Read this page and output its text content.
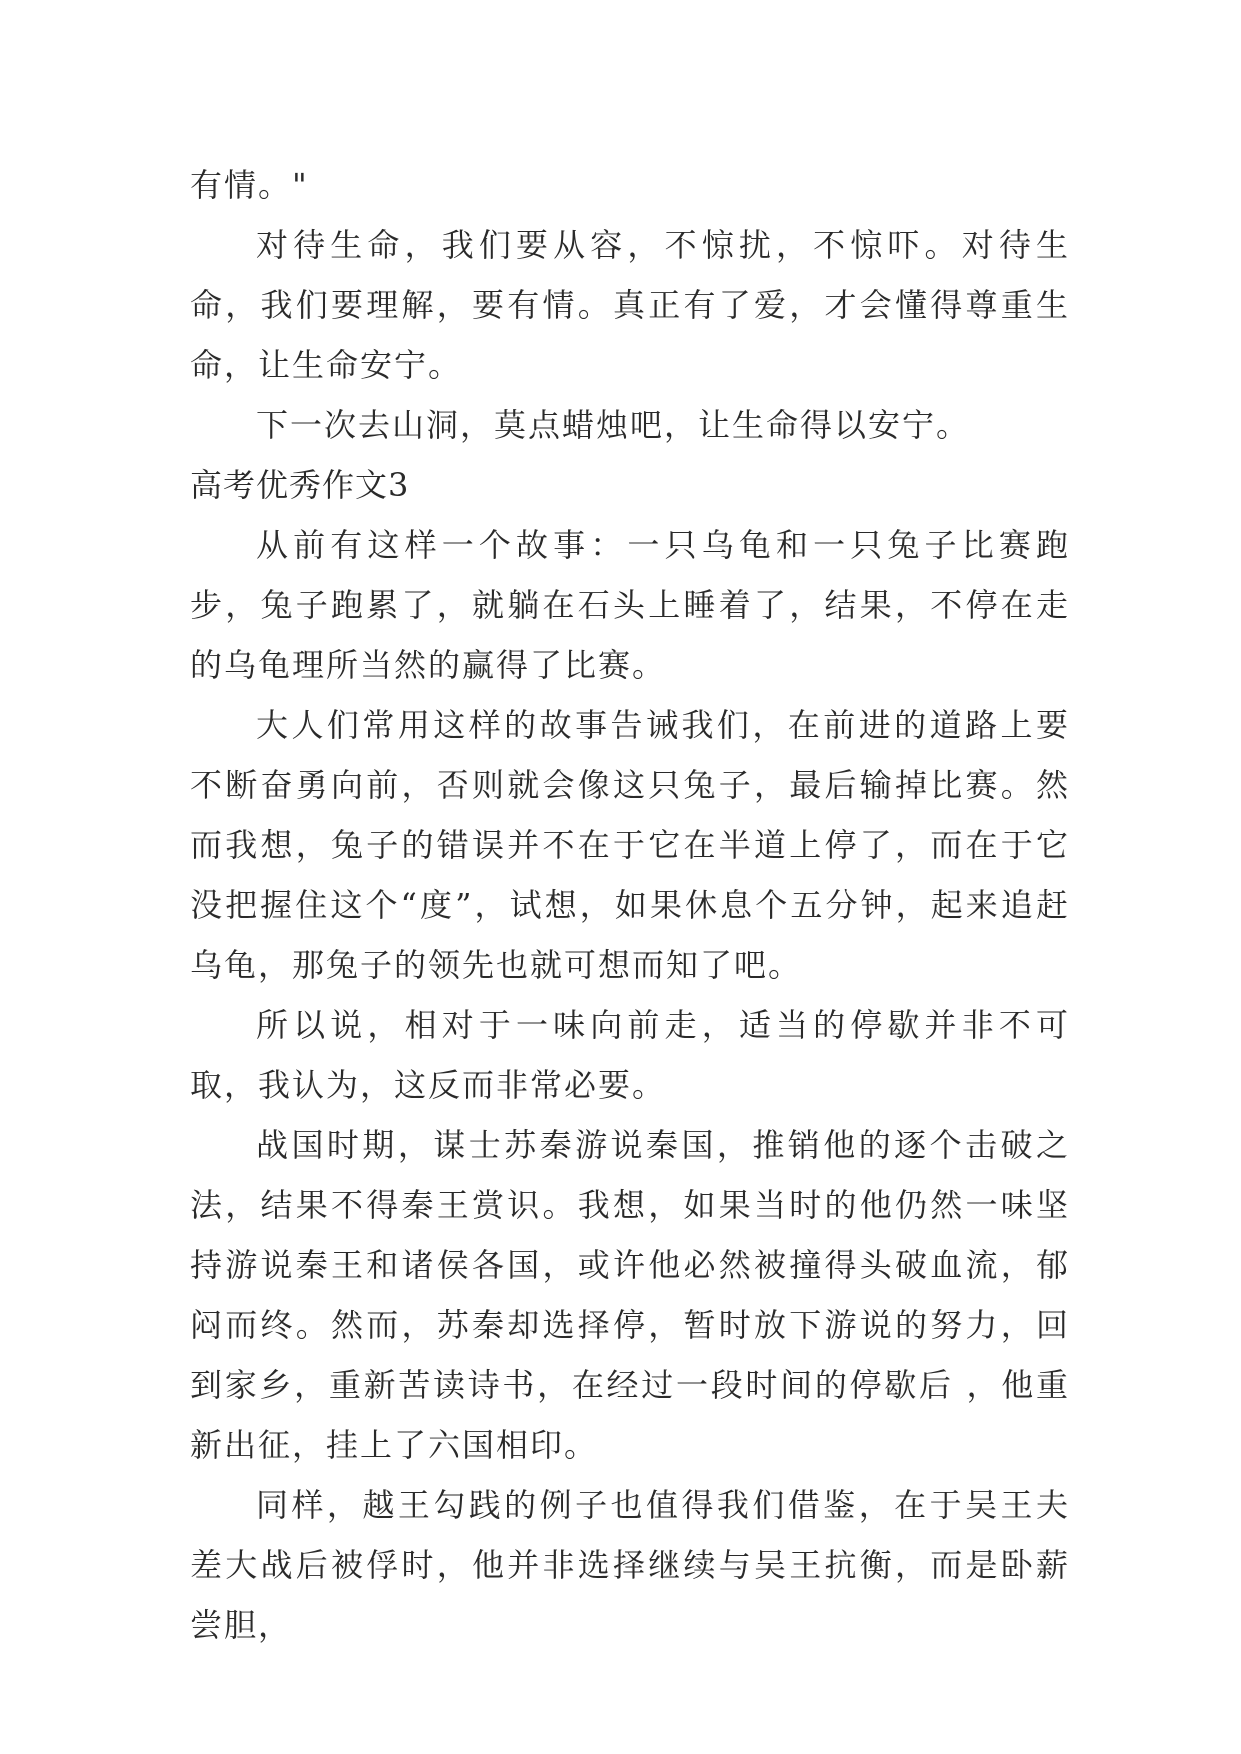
有情。"

对待生命，我们要从容，不惊扰，不惊吓。对待生命，我们要理解，要有情。真正有了爱，才会懂得尊重生命，让生命安宁。

下一次去山洞，莫点蜡烛吧，让生命得以安宁。

高考优秀作文3

从前有这样一个故事：一只乌龟和一只兔子比赛跑步，兔子跑累了，就躺在石头上睡着了，结果，不停在走的乌龟理所当然的赢得了比赛。

大人们常用这样的故事告诫我们，在前进的道路上要不断奋勇向前，否则就会像这只兔子，最后输掉比赛。然而我想，兔子的错误并不在于它在半道上停了，而在于它没把握住这个“度”，试想，如果休息个五分钟，起来追赶乌龟，那兔子的领先也就可想而知了吧。

所以说，相对于一味向前走，适当的停歇并非不可取，我认为，这反而非常必要。

战国时期，谋士苏秦游说秦国，推销他的逐个击破之法，结果不得秦王赏识。我想，如果当时的他仍然一味坚持游说秦王和诸侯各国，或许他必然被撞得头破血流，郁闷而终。然而，苏秦却选择停，暂时放下游说的努力，回到家乡，重新苦读诗书，在经过一段时间的停歇后 ，他重新出征，挂上了六国相印。

同样，越王勾践的例子也值得我们借鉴，在于吴王夫差大战后被俘时，他并非选择继续与吴王抗衡，而是卧薪尝胆，
